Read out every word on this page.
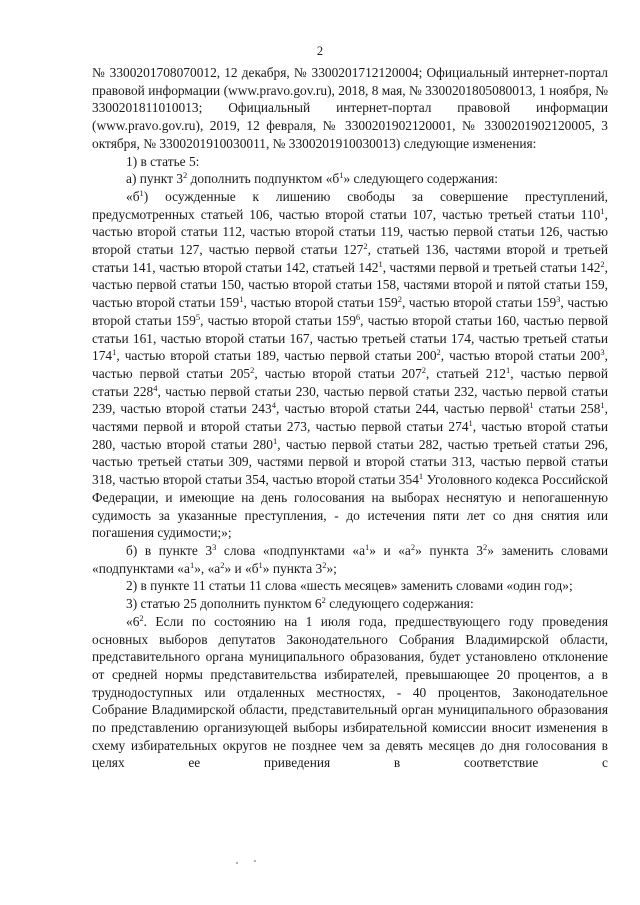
2

№ 3300201708070012, 12 декабря, № 3300201712120004; Официальный интернет-портал правовой информации (www.pravo.gov.ru), 2018, 8 мая, № 3300201805080013, 1 ноября, № 3300201811010013; Официальный интернет-портал правовой информации (www.pravo.gov.ru), 2019, 12 февраля, № 3300201902120001, № 3300201902120005, 3 октября, № 3300201910030011, № 3300201910030013) следующие изменения:

1) в статье 5:

а) пункт $3^2$ дополнить подпунктом «$б^1$» следующего содержания:

«$б^1$) осужденные к лишению свободы за совершение преступлений, предусмотренных статьей 106, частью второй статьи 107, частью третьей статьи $110^1$, частью второй статьи 112, частью второй статьи 119, частью первой статьи 126, частью второй статьи 127, частью первой статьи $127^2$, статьей 136, частями второй и третьей статьи 141, частью второй статьи 142, статьей $142^1$, частями первой и третьей статьи $142^2$, частью первой статьи 150, частью второй статьи 158, частями второй и пятой статьи 159, частью второй статьи $159^1$, частью второй статьи $159^2$, частью второй статьи $159^3$, частью второй статьи $159^5$, частью второй статьи $159^6$, частью второй статьи 160, частью первой статьи 161, частью второй статьи 167, частью третьей статьи 174, частью третьей статьи $174^1$, частью второй статьи 189, частью первой статьи $200^2$, частью второй статьи $200^3$, частью первой статьи $205^2$, частью второй статьи $207^2$, статьей $212^1$, частью первой статьи $228^4$, частью первой статьи 230, частью первой статьи 232, частью первой статьи 239, частью второй статьи $243^4$, частью второй статьи 244, частью первой$^1$ статьи $258^1$, частями первой и второй статьи 273, частью первой статьи $274^1$, частью второй статьи 280, частью второй статьи $280^1$, частью первой статьи 282, частью третьей статьи 296, частью третьей статьи 309, частями первой и второй статьи 313, частью первой статьи 318, частью второй статьи 354, частью второй статьи $354^1$ Уголовного кодекса Российской Федерации, и имеющие на день голосования на выборах неснятую и непогашенную судимость за указанные преступления, - до истечения пяти лет со дня снятия или погашения судимости;»;

б) в пункте $3^3$ слова «подпунктами «$а^1$» и «$а^2$» пункта $3^2$» заменить словами «подпунктами «$а^1$», «$а^2$» и «$б^1$» пункта $3^2$»;

2) в пункте 11 статьи 11 слова «шесть месяцев» заменить словами «один год»;

3) статью 25 дополнить пунктом $6^2$ следующего содержания:

«$6^2$. Если по состоянию на 1 июля года, предшествующего году проведения основных выборов депутатов Законодательного Собрания Владимирской области, представительного органа муниципального образования, будет установлено отклонение от средней нормы представительства избирателей, превышающее 20 процентов, а в труднодоступных или отдаленных местностях, - 40 процентов, Законодательное Собрание Владимирской области, представительный орган муниципального образования по представлению организующей выборы избирательной комиссии вносит изменения в схему избирательных округов не позднее чем за девять месяцев до дня голосования в целях ее приведения в соответствие с
